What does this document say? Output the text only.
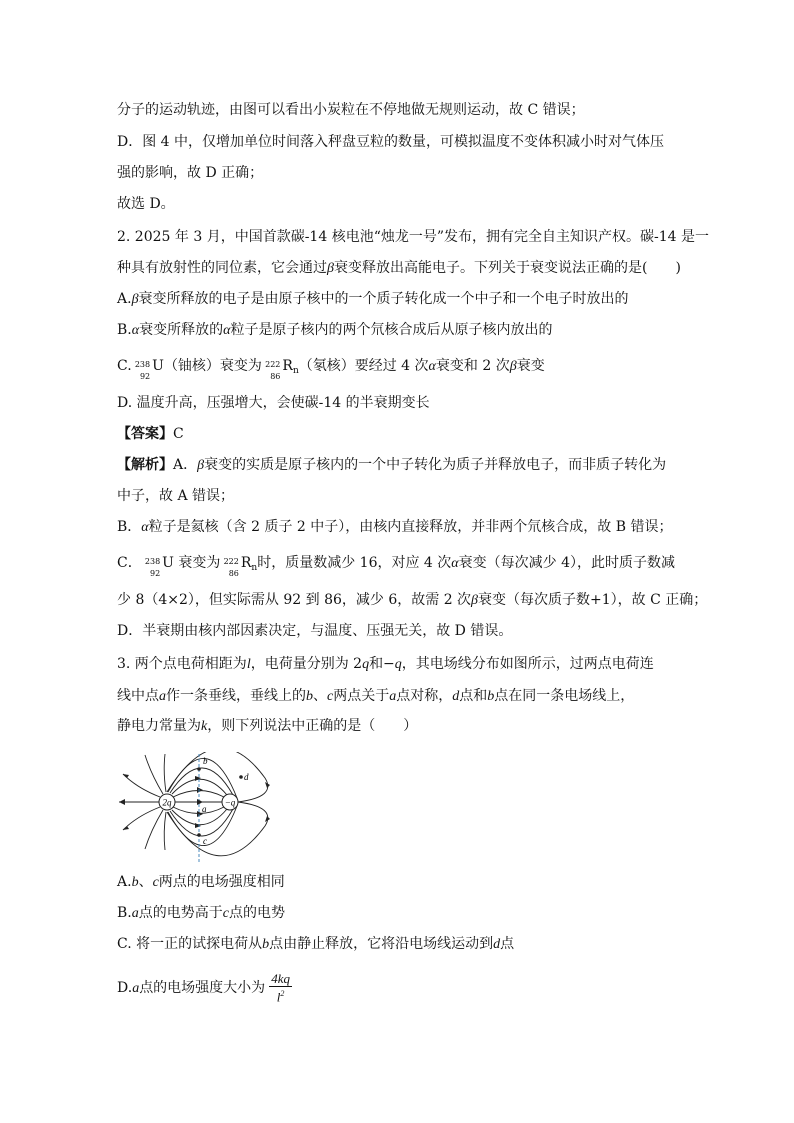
分子的运动轨迹，由图可以看出小炭粒在不停地做无规则运动，故 C 错误；
D．图 4 中，仅增加单位时间落入秤盘豆粒的数量，可模拟温度不变体积减小时对气体压
强的影响，故 D 正确；
故选 D。
2. 2025 年 3 月，中国首款碳-14 核电池“烛龙一号”发布，拥有完全自主知识产权。碳-14 是一
种具有放射性的同位素，它会通过β衰变释放出高能电子。下列关于衰变说法正确的是(　　)
A.β衰变所释放的电子是由原子核中的一个质子转化成一个中子和一个电子时放出的
B.α衰变所释放的α粒子是原子核内的两个氘核合成后从原子核内放出的
C. 238
92
U（铀核）衰变为 222
86
$R_n$（氡核）要经过 4 次α衰变和 2 次β衰变
D. 温度升高，压强增大，会使碳-14 的半衰期变长
【答案】C
【解析】A．β衰变的实质是原子核内的一个中子转化为质子并释放电子，而非质子转化为
中子，故 A 错误；
B．α粒子是氦核（含 2 质子 2 中子），由核内直接释放，并非两个氘核合成，故 B 错误；
C． 238
92
U 衰变为 222
86
$R_n$时，质量数减少 16，对应 4 次α衰变（每次减少 4），此时质子数减
少 8（4×2），但实际需从 92 到 86，减少 6，故需 2 次β衰变（每次质子数+1），故 C 正确；
D．半衰期由核内部因素决定，与温度、压强无关，故 D 错误。
3. 两个点电荷相距为l，电荷量分别为 2q和−q，其电场线分布如图所示，过两点电荷连
线中点a作一条垂线，垂线上的b、c两点关于a点对称，d点和b点在同一条电场线上，
静电力常量为k，则下列说法中正确的是（　　）
2q	−q
a
b
c
d
A.b、c两点的电场强度相同
B.a点的电势高于c点的电势
C. 将一正的试探电荷从b点由静止释放，它将沿电场线运动到d点
D.a点的电场强度大小为 $\frac{4kq}{l^2}$
